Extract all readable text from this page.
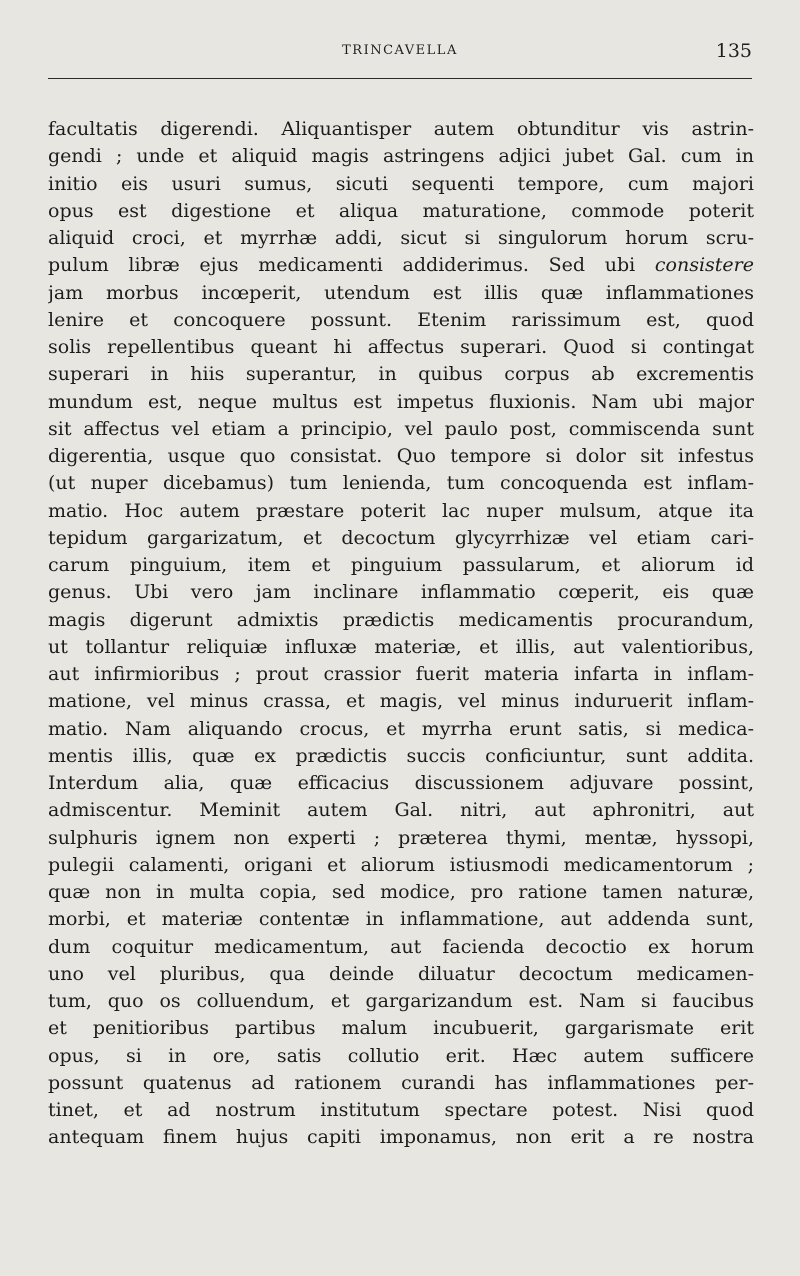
TRINCAVELLA	135
facultatis digerendi. Aliquantisper autem obtunditur vis astrin-
gendi ; unde et aliquid magis astringens adjici jubet Gal. cum in
initio eis usuri sumus, sicuti sequenti tempore, cum majori
opus est digestione et aliqua maturatione, commode poterit
aliquid croci, et myrrhæ addi, sicut si singulorum horum scru-
pulum libræ ejus medicamenti addiderimus. Sed ubi consistere
jam morbus incœperit, utendum est illis quæ inflammationes
lenire et concoquere possunt. Etenim rarissimum est, quod
solis repellentibus queant hi affectus superari. Quod si contingat
superari in hiis superantur, in quibus corpus ab excrementis
mundum est, neque multus est impetus fluxionis. Nam ubi major
sit affectus vel etiam a principio, vel paulo post, commiscenda sunt
digerentia, usque quo consistat. Quo tempore si dolor sit infestus
(ut nuper dicebamus) tum lenienda, tum concoquenda est inflam-
matio. Hoc autem præstare poterit lac nuper mulsum, atque ita
tepidum gargarizatum, et decoctum glycyrrhizæ vel etiam cari-
carum pinguium, item et pinguium passularum, et aliorum id
genus. Ubi vero jam inclinare inflammatio cœperit, eis quæ
magis digerunt admixtis prædictis medicamentis procurandum,
ut tollantur reliquiæ influxæ materiæ, et illis, aut valentioribus,
aut infirmioribus ; prout crassior fuerit materia infarta in inflam-
matione, vel minus crassa, et magis, vel minus induruerit inflam-
matio. Nam aliquando crocus, et myrrha erunt satis, si medica-
mentis illis, quæ ex prædictis succis conficiuntur, sunt addita.
Interdum alia, quæ efficacius discussionem adjuvare possint,
admiscentur. Meminit autem Gal. nitri, aut aphronitri, aut
sulphuris ignem non experti ; præterea thymi, mentæ, hyssopi,
pulegii calamenti, origani et aliorum istiusmodi medicamentorum ;
quæ non in multa copia, sed modice, pro ratione tamen naturæ,
morbi, et materiæ contentæ in inflammatione, aut addenda sunt,
dum coquitur medicamentum, aut facienda decoctio ex horum
uno vel pluribus, qua deinde diluatur decoctum medicamen-
tum, quo os colluendum, et gargarizandum est. Nam si faucibus
et penitioribus partibus malum incubuerit, gargarismate erit
opus, si in ore, satis collutio erit. Hæc autem sufficere
possunt quatenus ad rationem curandi has inflammationes per-
tinet, et ad nostrum institutum spectare potest. Nisi quod
antequam finem hujus capiti imponamus, non erit a re nostra
